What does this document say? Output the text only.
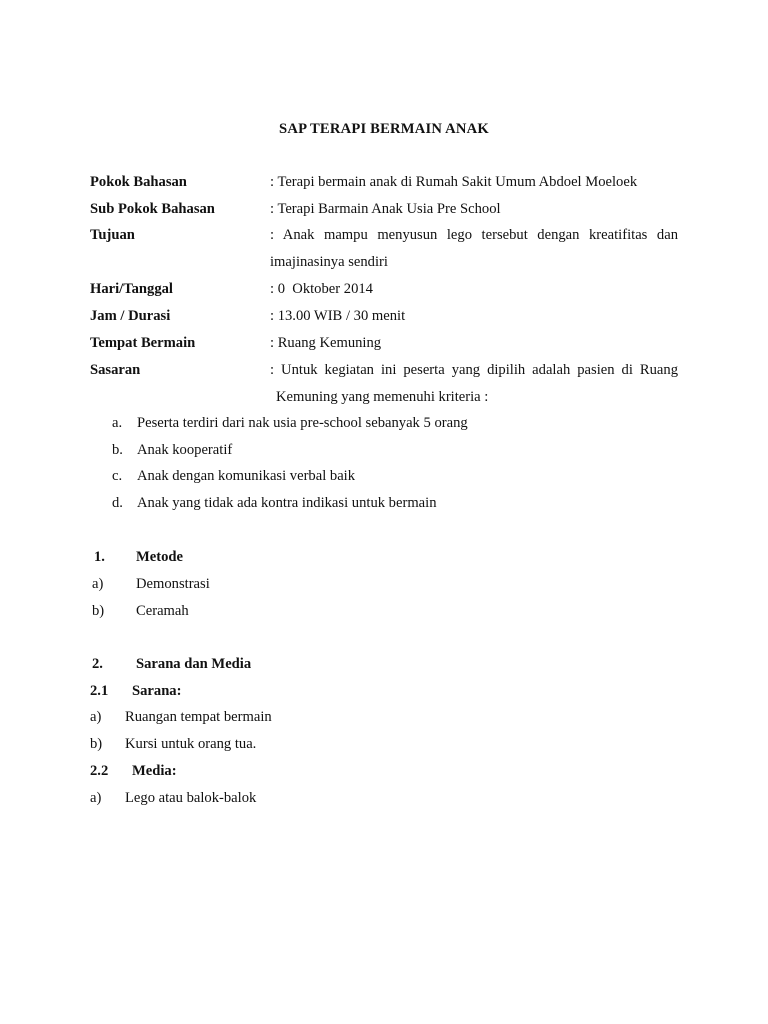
SAP TERAPI BERMAIN ANAK
Pokok Bahasan	: Terapi bermain anak di Rumah Sakit Umum Abdoel Moeloek
Sub Pokok Bahasan	: Terapi Barmain Anak Usia Pre School
Tujuan	: Anak mampu menyusun lego tersebut dengan kreatifitas dan
imajinasinya sendiri
Hari/Tanggal	: 0  Oktober 2014
Jam / Durasi	: 13.00 WIB / 30 menit
Tempat Bermain	: Ruang Kemuning
Sasaran	: Untuk kegiatan ini peserta yang dipilih adalah pasien di Ruang
Kemuning yang memenuhi kriteria :
a. Peserta terdiri dari nak usia pre-school sebanyak 5 orang
b. Anak kooperatif
c. Anak dengan komunikasi verbal baik
d. Anak yang tidak ada kontra indikasi untuk bermain
1. Metode
a) Demonstrasi
b) Ceramah
2. Sarana dan Media
2.1 Sarana:
a) Ruangan tempat bermain
b) Kursi untuk orang tua.
2.2 Media:
a) Lego atau balok-balok
